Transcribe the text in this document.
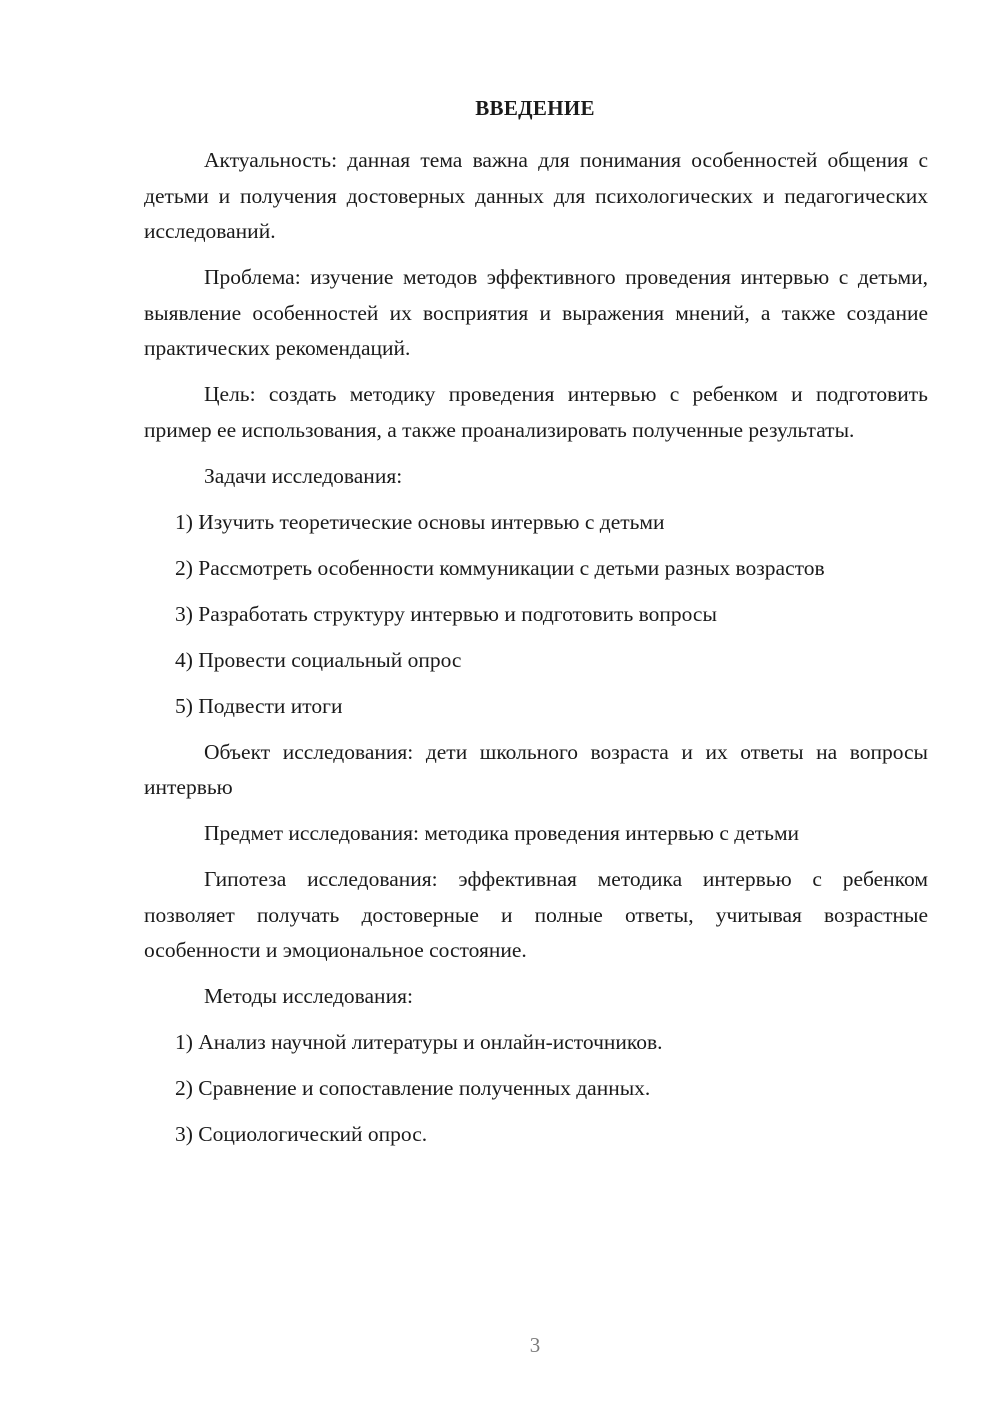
ВВЕДЕНИЕ

Актуальность: данная тема важна для понимания особенностей общения с детьми и получения достоверных данных для психологических и педагогических исследований.

Проблема: изучение методов эффективного проведения интервью с детьми, выявление особенностей их восприятия и выражения мнений, а также создание практических рекомендаций.

Цель: создать методику проведения интервью с ребенком и подготовить пример ее использования, а также проанализировать полученные результаты.

Задачи исследования:

1) Изучить теоретические основы интервью с детьми
2) Рассмотреть особенности коммуникации с детьми разных возрастов
3) Разработать структуру интервью и подготовить вопросы
4) Провести социальный опрос
5) Подвести итоги

Объект исследования: дети школьного возраста и их ответы на вопросы интервью

Предмет исследования: методика проведения интервью с детьми

Гипотеза исследования: эффективная методика интервью с ребенком позволяет получать достоверные и полные ответы, учитывая возрастные особенности и эмоциональное состояние.

Методы исследования:

1) Анализ научной литературы и онлайн-источников.
2) Сравнение и сопоставление полученных данных.
3) Социологический опрос.
3
